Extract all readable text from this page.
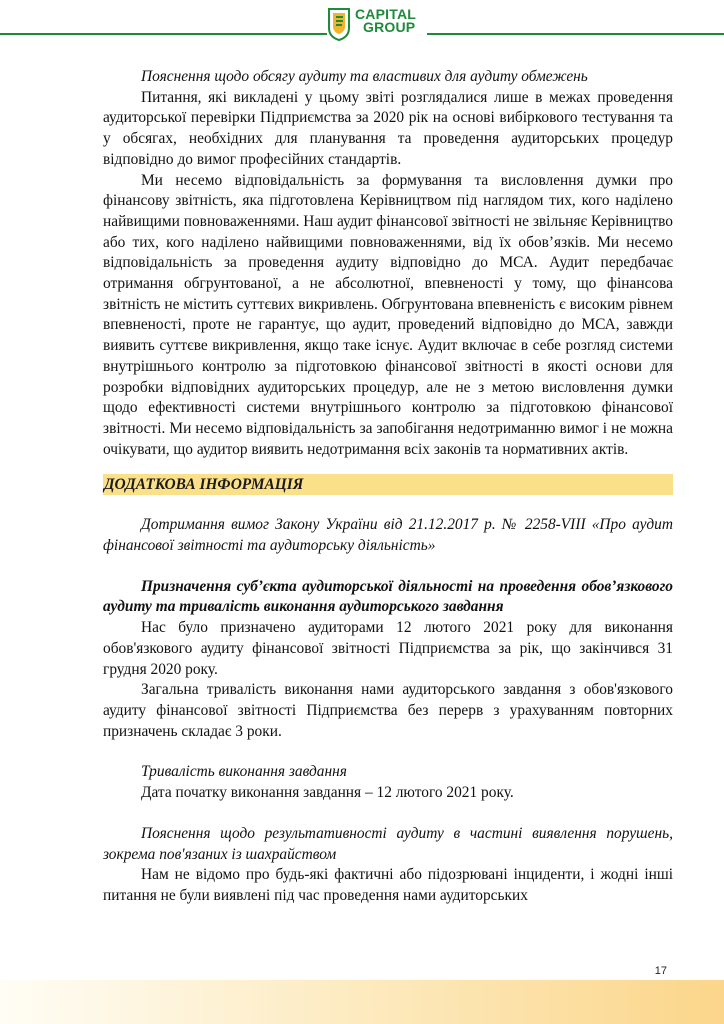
CAPITAL
GROUP

Пояснення щодо обсягу аудиту та властивих для аудиту обмежень

Питання, які викладені у цьому звіті розглядалися лише в межах проведення аудиторської перевірки Підприємства за 2020 рік на основі вибіркового тестування та у обсягах, необхідних для планування та проведення аудиторських процедур відповідно до вимог професійних стандартів.

Ми несемо відповідальність за формування та висловлення думки про фінансову звітність, яка підготовлена Керівництвом під наглядом тих, кого наділено найвищими повноваженнями. Наш аудит фінансової звітності не звільняє Керівництво або тих, кого наділено найвищими повноваженнями, від їх обов’язків. Ми несемо відповідальність за проведення аудиту відповідно до МСА. Аудит передбачає отримання обгрунтованої, а не абсолютної, впевненості у тому, що фінансова звітність не містить суттєвих викривлень. Обгрунтована впевненість є високим рівнем впевненості, проте не гарантує, що аудит, проведений відповідно до МСА, завжди виявить суттєве викривлення, якщо таке існує. Аудит включає в себе розгляд системи внутрішнього контролю за підготовкою фінансової звітності в якості основи для розробки відповідних аудиторських процедур, але не з метою висловлення думки щодо ефективності системи внутрішнього контролю за підготовкою фінансової звітності. Ми несемо відповідальність за запобігання недотриманню вимог і не можна очікувати, що аудитор виявить недотримання всіх законів та нормативних актів.

ДОДАТКОВА ІНФОРМАЦІЯ

Дотримання вимог Закону України від 21.12.2017 р. № 2258-VIII «Про аудит фінансової звітності та аудиторську діяльність»

Призначення суб’єкта аудиторської діяльності на проведення обов’язкового аудиту та тривалість виконання аудиторського завдання

Нас було призначено аудиторами 12 лютого 2021 року для виконання обов'язкового аудиту фінансової звітності Підприємства за рік, що закінчився 31 грудня 2020 року.

Загальна тривалість виконання нами аудиторського завдання з обов'язкового аудиту фінансової звітності Підприємства без перерв з урахуванням повторних призначень складає 3 роки.

Тривалість виконання завдання

Дата початку виконання завдання – 12 лютого 2021 року.

Пояснення щодо результативності аудиту в частині виявлення порушень, зокрема пов'язаних із шахрайством

Нам не відомо про будь-які фактичні або підозрювані інциденти, і жодні інші питання не були виявлені під час проведення нами аудиторських

17
